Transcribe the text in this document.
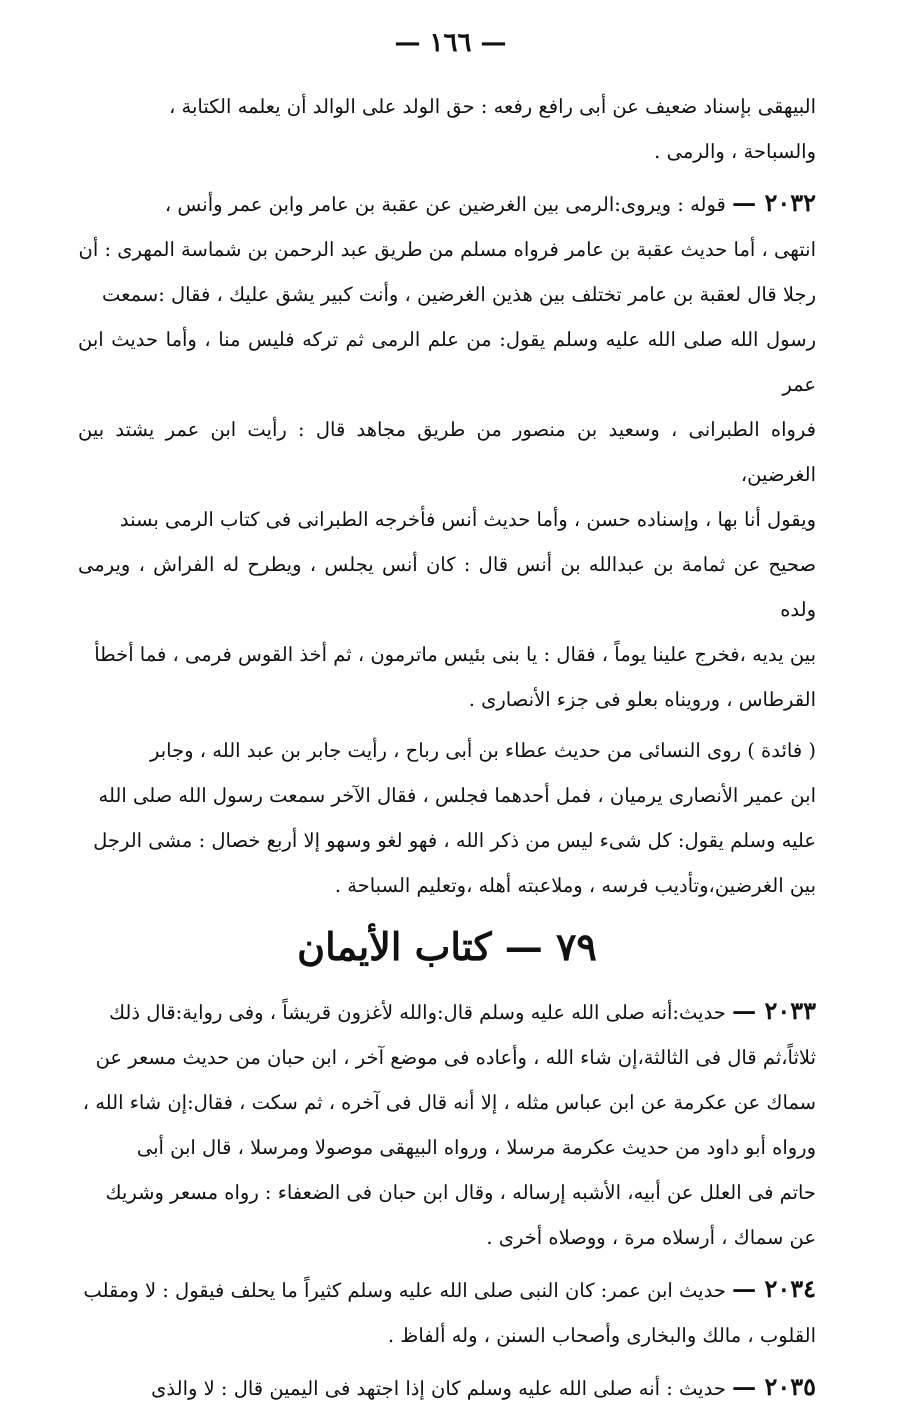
— ١٦٦ —

البيهقى بإسناد ضعيف عن أبى رافع رفعه : حق الولد على الوالد أن يعلمه الكتابة ،

والسباحة ، والرمى .

٢٠٣٢ — قوله : ويروى:الرمى بين الغرضين عن عقبة بن عامر وابن عمر وأنس ،

انتهى ، أما حديث عقبة بن عامر فرواه مسلم من طريق عبد الرحمن بن شماسة المهرى : أن

رجلا قال لعقبة بن عامر تختلف بين هذين الغرضين ، وأنت كبير يشق عليك ، فقال :سمعت

رسول الله صلى الله عليه وسلم يقول: من علم الرمى ثم تركه فليس منا ، وأما حديث ابن عمر

فرواه الطبرانى ، وسعيد بن منصور من طريق مجاهد قال : رأيت ابن عمر يشتد بين الغرضين،

ويقول أنا بها ، وإسناده حسن ، وأما حديث أنس فأخرجه الطبرانى فى كتاب الرمى بسند

صحيح عن ثمامة بن عبدالله بن أنس قال : كان أنس يجلس ، ويطرح له الفراش ، ويرمى ولده

بين يديه ،فخرج علينا يوماً ، فقال : يا بنى بئيس ماترمون ، ثم أخذ القوس فرمى ، فما أخطأ

القرطاس ، ورويناه بعلو فى جزء الأنصارى .

( فائدة ) روى النسائى من حديث عطاء بن أبى رباح ، رأيت جابر بن عبد الله ، وجابر

ابن عمير الأنصارى يرميان ، فمل أحدهما فجلس ، فقال الآخر سمعت رسول الله صلى الله

عليه وسلم يقول: كل شىء ليس من ذكر الله ، فهو لغو وسهو إلا أربع خصال : مشى الرجل

بين الغرضين،وتأديب فرسه ، وملاعبته أهله ،وتعليم السباحة .

٧٩ — كتاب الأيمان

٢٠٣٣ — حديث:أنه صلى الله عليه وسلم قال:والله لأغزون قريشاً ، وفى رواية:قال ذلك

ثلاثاً،ثم قال فى الثالثة،إن شاء الله ، وأعاده فى موضع آخر ، ابن حبان من حديث مسعر عن

سماك عن عكرمة عن ابن عباس مثله ، إلا أنه قال فى آخره ، ثم سكت ، فقال:إن شاء الله ،

ورواه أبو داود من حديث عكرمة مرسلا ، ورواه البيهقى موصولا ومرسلا ، قال ابن أبى

حاتم فى العلل عن أبيه، الأشبه إرساله ، وقال ابن حبان فى الضعفاء : رواه مسعر وشريك

عن سماك ، أرسلاه مرة ، ووصلاه أخرى .

٢٠٣٤ — حديث ابن عمر: كان النبى صلى الله عليه وسلم كثيراً ما يحلف فيقول : لا ومقلب

القلوب ، مالك والبخارى وأصحاب السنن ، وله ألفاظ .

٢٠٣٥ — حديث : أنه صلى الله عليه وسلم كان إذا اجتهد فى اليمين قال : لا والذى
